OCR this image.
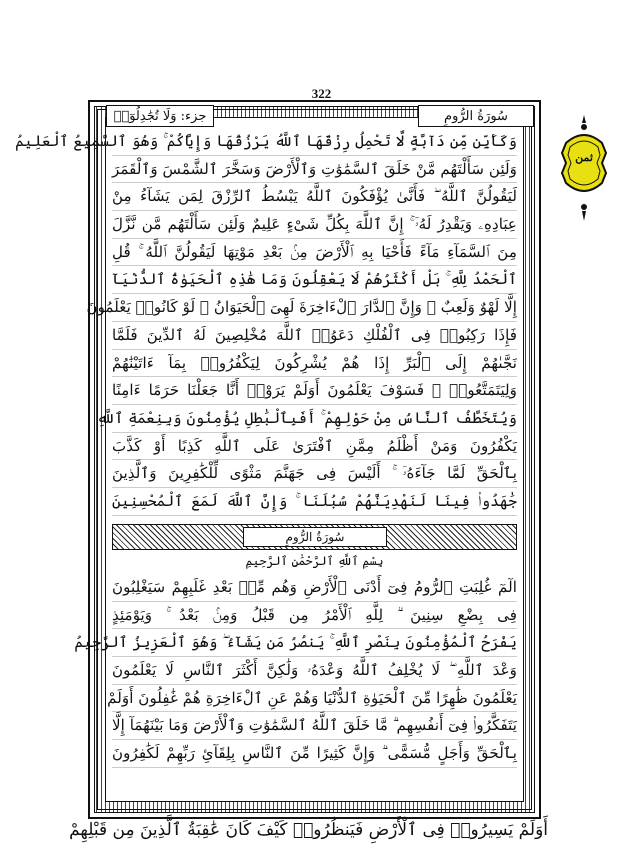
322
سُورَةُ الرُّومِ
جزء: وَلَا تُجَٰدِلُوٓا۟
ثمن
وَكَأَيِّن مِّن دَآبَّةٍ لَّا تَحْمِلُ رِزْقَهَا ٱللَّهُ يَرْزُقُهَا وَإِيَّاكُمْ ۚ وَهُوَ ٱلسَّمِيعُ ٱلْعَلِيمُ
وَلَئِن سَأَلْتَهُم مَّنْ خَلَقَ ٱلسَّمَٰوَٰتِ وَٱلْأَرْضَ وَسَخَّرَ ٱلشَّمْسَ وَٱلْقَمَرَ
لَيَقُولُنَّ ٱللَّهُ ۖ فَأَنَّىٰ يُؤْفَكُونَ ٱللَّهُ يَبْسُطُ ٱلرِّزْقَ لِمَن يَشَآءُ مِنْ
عِبَادِهِۦ وَيَقْدِرُ لَهُۥٓ ۚ إِنَّ ٱللَّهَ بِكُلِّ شَىْءٍ عَلِيمٌ وَلَئِن سَأَلْتَهُم مَّن نَّزَّلَ
مِنَ ٱلسَّمَآءِ مَآءً فَأَحْيَا بِهِ ٱلْأَرْضَ مِنۢ بَعْدِ مَوْتِهَا لَيَقُولُنَّ ٱللَّهُ ۚ قُلِ
ٱلْحَمْدُ لِلَّهِ ۚ بَلْ أَكْثَرُهُمْ لَا يَعْقِلُونَ وَمَا هَٰذِهِ ٱلْحَيَوٰةُ ٱلدُّنْيَآ
إِلَّا لَهْوٌ وَلَعِبٌ ۚ وَإِنَّ ٱلدَّارَ ٱلْءَاخِرَةَ لَهِىَ ٱلْحَيَوَانُ ۚ لَوْ كَانُوا۟ يَعْلَمُونَ
فَإِذَا رَكِبُوا۟ فِى ٱلْفُلْكِ دَعَوُا۟ ٱللَّهَ مُخْلِصِينَ لَهُ ٱلدِّينَ فَلَمَّا
نَجَّىٰهُمْ إِلَى ٱلْبَرِّ إِذَا هُمْ يُشْرِكُونَ لِيَكْفُرُوا۟ بِمَآ ءَاتَيْنَٰهُمْ
وَلِيَتَمَتَّعُوا۟ ۖ فَسَوْفَ يَعْلَمُونَ أَوَلَمْ يَرَوْا۟ أَنَّا جَعَلْنَا حَرَمًا ءَامِنًا
وَيُتَخَطَّفُ ٱلنَّاسُ مِنْ حَوْلِهِمْ ۚ أَفَبِٱلْبَٰطِلِ يُؤْمِنُونَ وَبِنِعْمَةِ ٱللَّهِ
يَكْفُرُونَ وَمَنْ أَظْلَمُ مِمَّنِ ٱفْتَرَىٰ عَلَى ٱللَّهِ كَذِبًا أَوْ كَذَّبَ
بِٱلْحَقِّ لَمَّا جَآءَهُۥٓ ۚ أَلَيْسَ فِى جَهَنَّمَ مَثْوًى لِّلْكَٰفِرِينَ وَٱلَّذِينَ
جَٰهَدُوا۟ فِينَا لَنَهْدِيَنَّهُمْ سُبُلَنَا ۚ وَإِنَّ ٱللَّهَ لَمَعَ ٱلْمُحْسِنِينَ
سُورَةُ الرُّومِ
بِسْمِ ٱللَّهِ ٱلرَّحْمَٰنِ ٱلرَّحِيمِ
الٓمٓ غُلِبَتِ ٱلرُّومُ فِىٓ أَدْنَى ٱلْأَرْضِ وَهُم مِّنۢ بَعْدِ غَلَبِهِمْ سَيَغْلِبُونَ
فِى بِضْعِ سِنِينَ ۗ لِلَّهِ ٱلْأَمْرُ مِن قَبْلُ وَمِنۢ بَعْدُ ۚ وَيَوْمَئِذٍ
يَفْرَحُ ٱلْمُؤْمِنُونَ بِنَصْرِ ٱللَّهِ ۚ يَنصُرُ مَن يَشَآءُ ۖ وَهُوَ ٱلْعَزِيزُ ٱلرَّحِيمُ
وَعْدَ ٱللَّهِ ۖ لَا يُخْلِفُ ٱللَّهُ وَعْدَهُۥ وَلَٰكِنَّ أَكْثَرَ ٱلنَّاسِ لَا يَعْلَمُونَ
يَعْلَمُونَ ظَٰهِرًا مِّنَ ٱلْحَيَوٰةِ ٱلدُّنْيَا وَهُمْ عَنِ ٱلْءَاخِرَةِ هُمْ غَٰفِلُونَ أَوَلَمْ
يَتَفَكَّرُوا۟ فِىٓ أَنفُسِهِم ۗ مَّا خَلَقَ ٱللَّهُ ٱلسَّمَٰوَٰتِ وَٱلْأَرْضَ وَمَا بَيْنَهُمَآ إِلَّا
بِٱلْحَقِّ وَأَجَلٍ مُّسَمًّى ۗ وَإِنَّ كَثِيرًا مِّنَ ٱلنَّاسِ بِلِقَآئِ رَبِّهِمْ لَكَٰفِرُونَ
أَوَلَمْ يَسِيرُوا۟ فِى ٱلْأَرْضِ فَيَنظُرُوا۟ كَيْفَ كَانَ عَٰقِبَةُ ٱلَّذِينَ مِن قَبْلِهِمْ
